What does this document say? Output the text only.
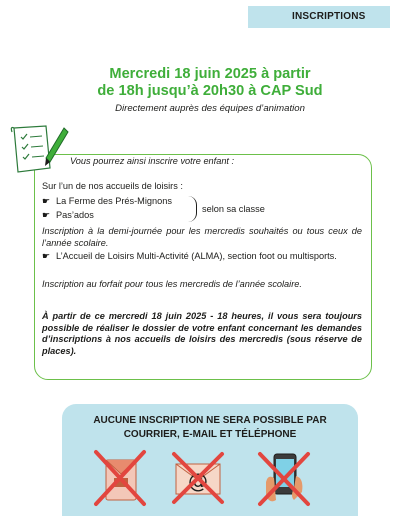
INSCRIPTIONS
Mercredi 18 juin 2025 à partir
de 18h jusqu’à 20h30 à CAP Sud
Directement auprès des équipes d’animation
Vous pourrez ainsi inscrire votre enfant :
Sur l’un de nos accueils de loisirs :
☛ La Ferme des Prés-Mignons
☛ Pas’ados
selon sa classe
Inscription à la demi-journée pour les mercredis souhaités ou tous ceux de l’année scolaire.
☛ L’Accueil de Loisirs Multi-Activité (ALMA), section foot ou multisports.
Inscription au forfait pour tous les mercredis de l’année scolaire.
À partir de ce mercredi 18 juin 2025 - 18 heures, il vous sera toujours possible de réaliser le dossier de votre enfant concernant les demandes d’inscriptions à nos accueils de loisirs des mercredis (sous réserve de places).
AUCUNE INSCRIPTION NE SERA POSSIBLE PAR
COURRIER, E-MAIL ET TÉLÉPHONE
@
